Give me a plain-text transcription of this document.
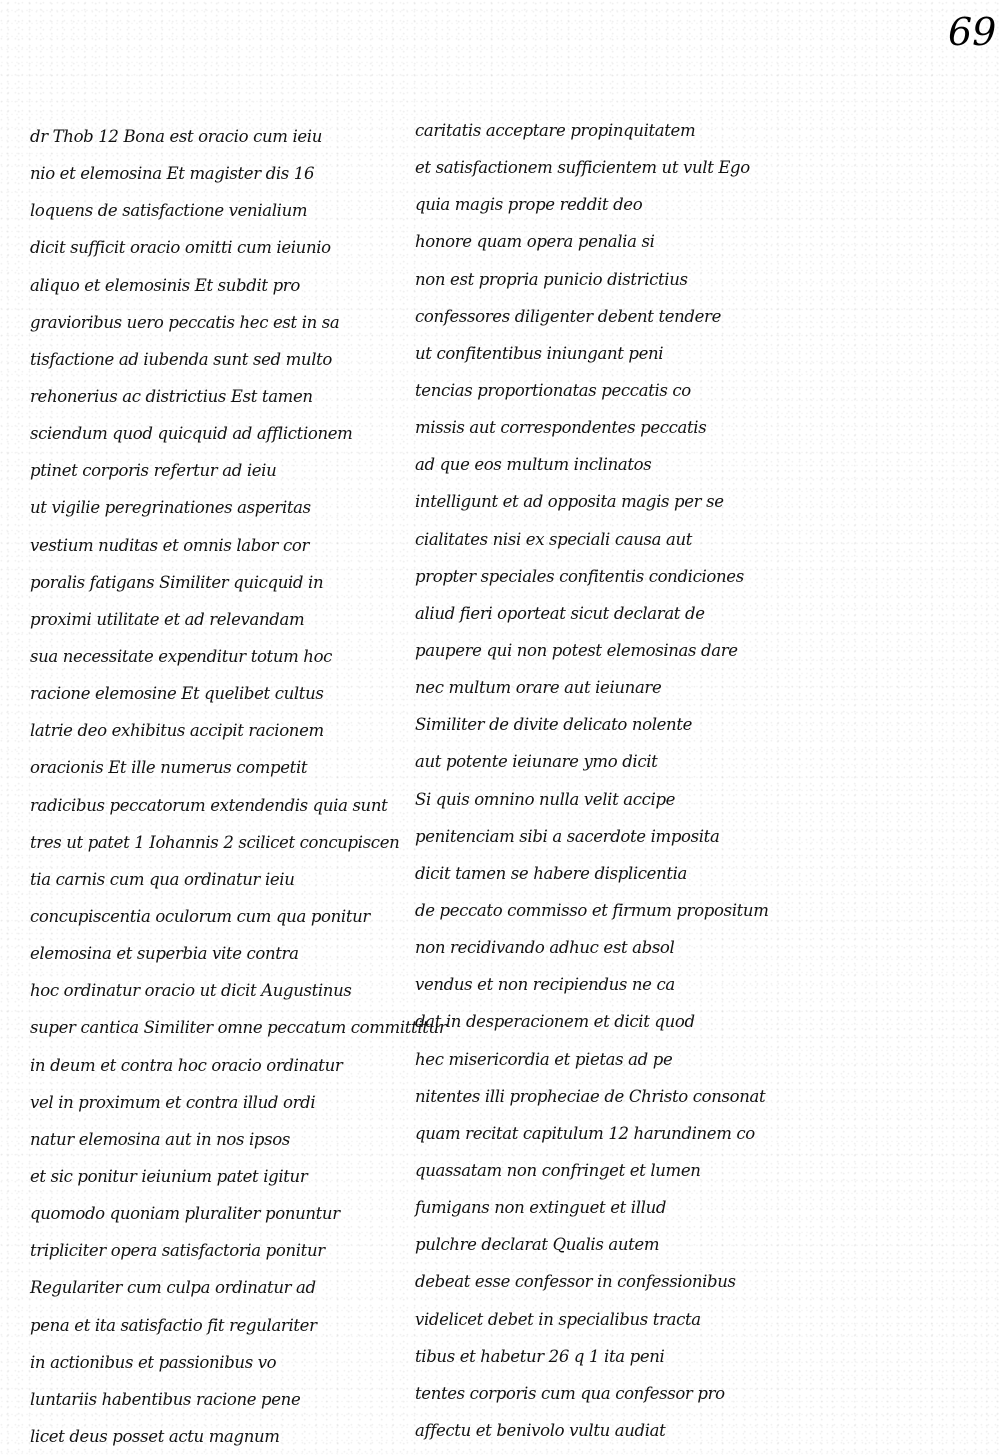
69
dr Thob 12 Bona est oracio cum ieiu
nio et elemosina Et magister dis 16
loquens de satisfactione venialium
dicit sufficit oracio omitti cum ieiunio
aliquo et elemosinis Et subdit pro
gravioribus uero peccatis hec est in sa
tisfactione ad iubenda sunt sed multo
rehonerius ac districtius Est tamen
sciendum quod quicquid ad afflictionem
ptinet corporis refertur ad ieiu
ut vigilie peregrinationes asperitas
vestium nuditas et omnis labor cor
poralis fatigans Similiter quicquid in
proximi utilitate et ad relevandam
sua necessitate expenditur totum hoc
racione elemosine Et quelibet cultus
latrie deo exhibitus accipit racionem
oracionis Et ille numerus competit
radicibus peccatorum extendendis quia sunt
tres ut patet 1 Iohannis 2 scilicet concupiscen
tia carnis cum qua ordinatur ieiu
concupiscentia oculorum cum qua ponitur
elemosina et superbia vite contra
hoc ordinatur oracio ut dicit Augustinus
super cantica Similiter omne peccatum committitur
in deum et contra hoc oracio ordinatur
vel in proximum et contra illud ordi
natur elemosina aut in nos ipsos
et sic ponitur ieiunium patet igitur
quomodo quoniam pluraliter ponuntur
tripliciter opera satisfactoria ponitur
Regulariter cum culpa ordinatur ad
pena et ita satisfactio fit regulariter
in actionibus et passionibus vo
luntariis habentibus racione pene
licet deus posset actu magnum
caritatis acceptare propinquitatem
et satisfactionem sufficientem ut vult Ego
quia magis prope reddit deo
honore quam opera penalia si
non est propria punicio districtius
confessores diligenter debent tendere
ut confitentibus iniungant peni
tencias proportionatas peccatis co
missis aut correspondentes peccatis
ad que eos multum inclinatos
intelligunt et ad opposita magis per se
cialitates nisi ex speciali causa aut
propter speciales confitentis condiciones
aliud fieri oporteat sicut declarat de
paupere qui non potest elemosinas dare
nec multum orare aut ieiunare
Similiter de divite delicato nolente
aut potente ieiunare ymo dicit
Si quis omnino nulla velit accipe
penitenciam sibi a sacerdote imposita
dicit tamen se habere displicentia
de peccato commisso et firmum propositum
non recidivando adhuc est absol
vendus et non recipiendus ne ca
dat in desperacionem et dicit quod
hec misericordia et pietas ad pe
nitentes illi propheciae de Christo consonat
quam recitat capitulum 12 harundinem co
quassatam non confringet et lumen
fumigans non extinguet et illud
pulchre declarat Qualis autem
debeat esse confessor in confessionibus
videlicet debet in specialibus tracta
tibus et habetur 26 q 1 ita peni
tentes corporis cum qua confessor pro
affectu et benivolo vultu audiat
